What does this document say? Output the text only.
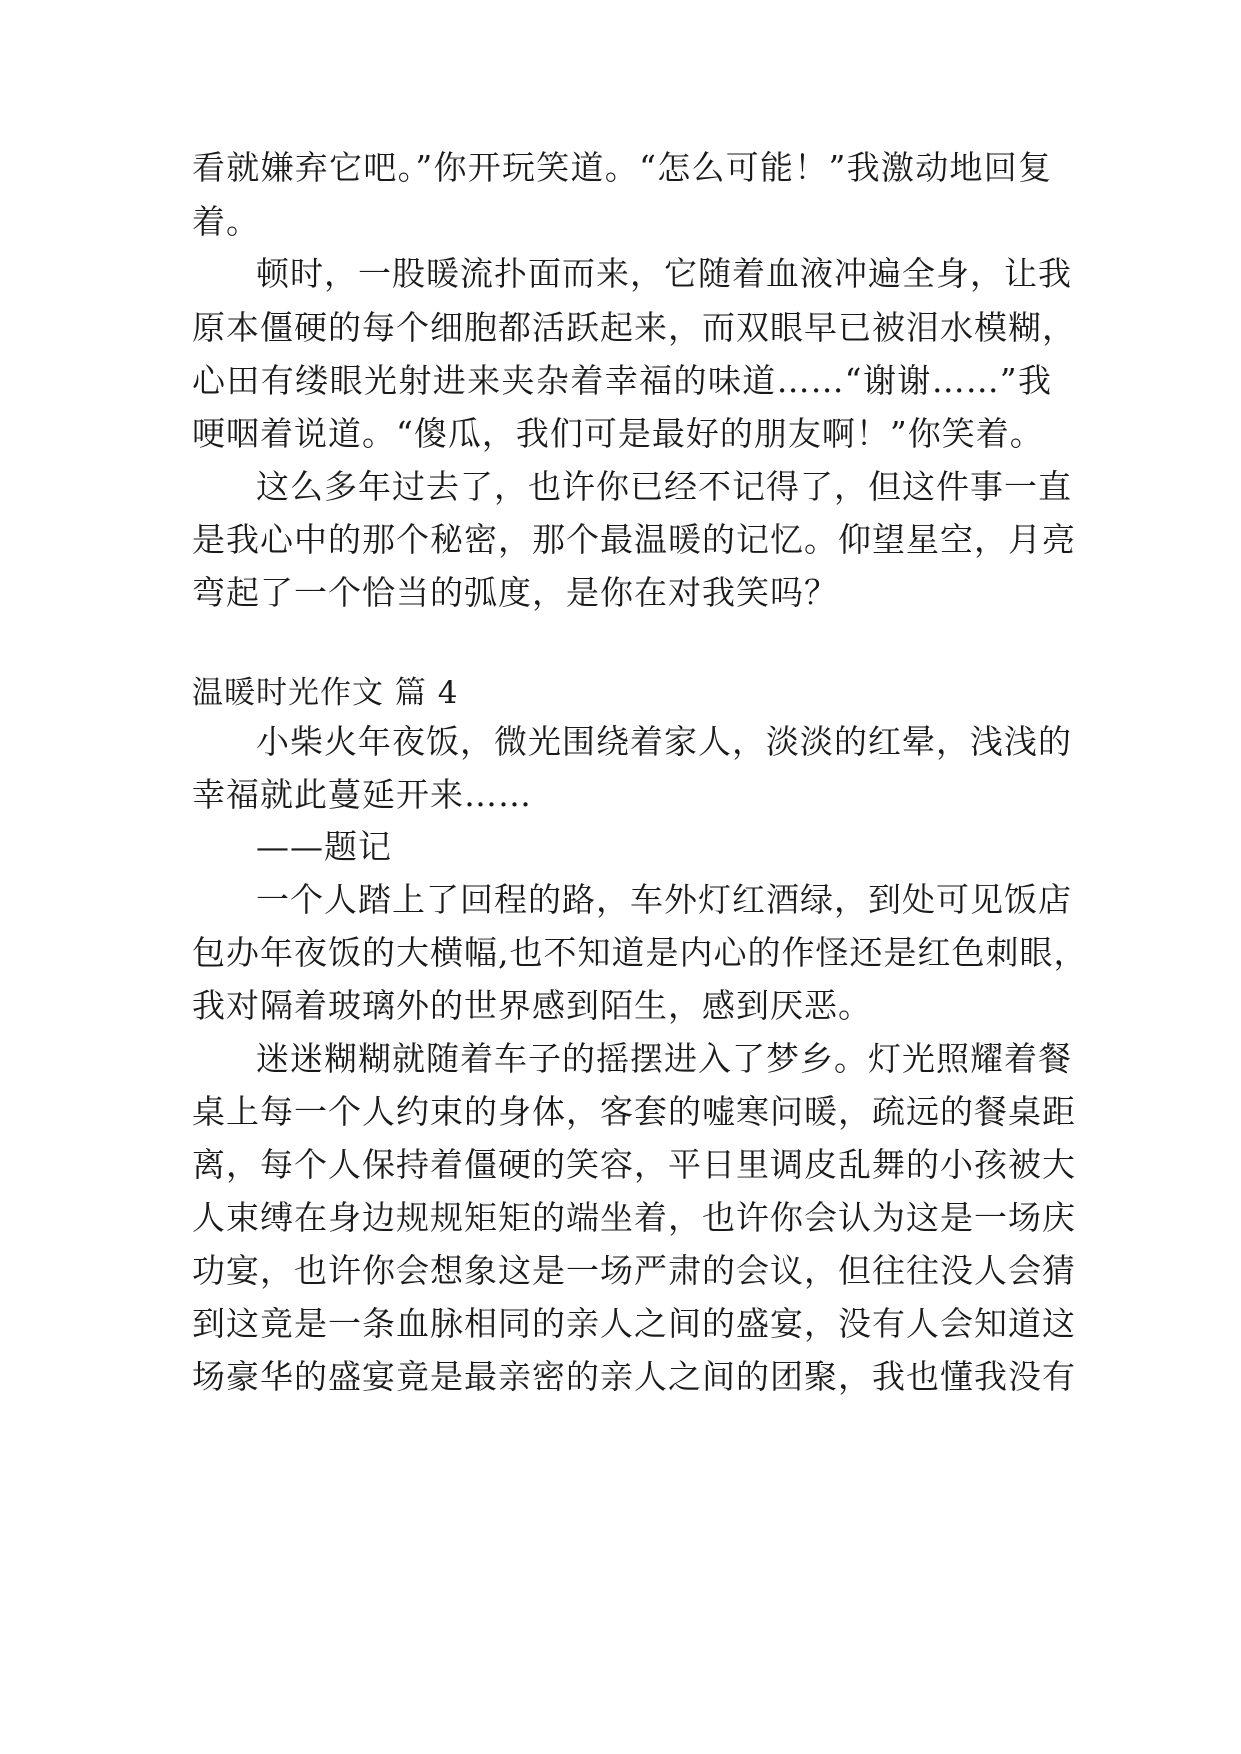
看就嫌弃它吧。”你开玩笑道。“怎么可能！”我激动地回复
着。
顿时，一股暖流扑面而来，它随着血液冲遍全身，让我
原本僵硬的每个细胞都活跃起来，而双眼早已被泪水模糊，
心田有缕眼光射进来夹杂着幸福的味道……“谢谢……”我
哽咽着说道。“傻瓜，我们可是最好的朋友啊！”你笑着。
这么多年过去了，也许你已经不记得了，但这件事一直
是我心中的那个秘密，那个最温暖的记忆。仰望星空，月亮
弯起了一个恰当的弧度，是你在对我笑吗？
温暖时光作文 篇 4
小柴火年夜饭，微光围绕着家人，淡淡的红晕，浅浅的
幸福就此蔓延开来……
——题记
一个人踏上了回程的路，车外灯红酒绿，到处可见饭店
包办年夜饭的大横幅,也不知道是内心的作怪还是红色刺眼，
我对隔着玻璃外的世界感到陌生，感到厌恶。
迷迷糊糊就随着车子的摇摆进入了梦乡。灯光照耀着餐
桌上每一个人约束的身体，客套的嘘寒问暖，疏远的餐桌距
离，每个人保持着僵硬的笑容，平日里调皮乱舞的小孩被大
人束缚在身边规规矩矩的端坐着，也许你会认为这是一场庆
功宴，也许你会想象这是一场严肃的会议，但往往没人会猜
到这竟是一条血脉相同的亲人之间的盛宴，没有人会知道这
场豪华的盛宴竟是最亲密的亲人之间的团聚，我也懂我没有
